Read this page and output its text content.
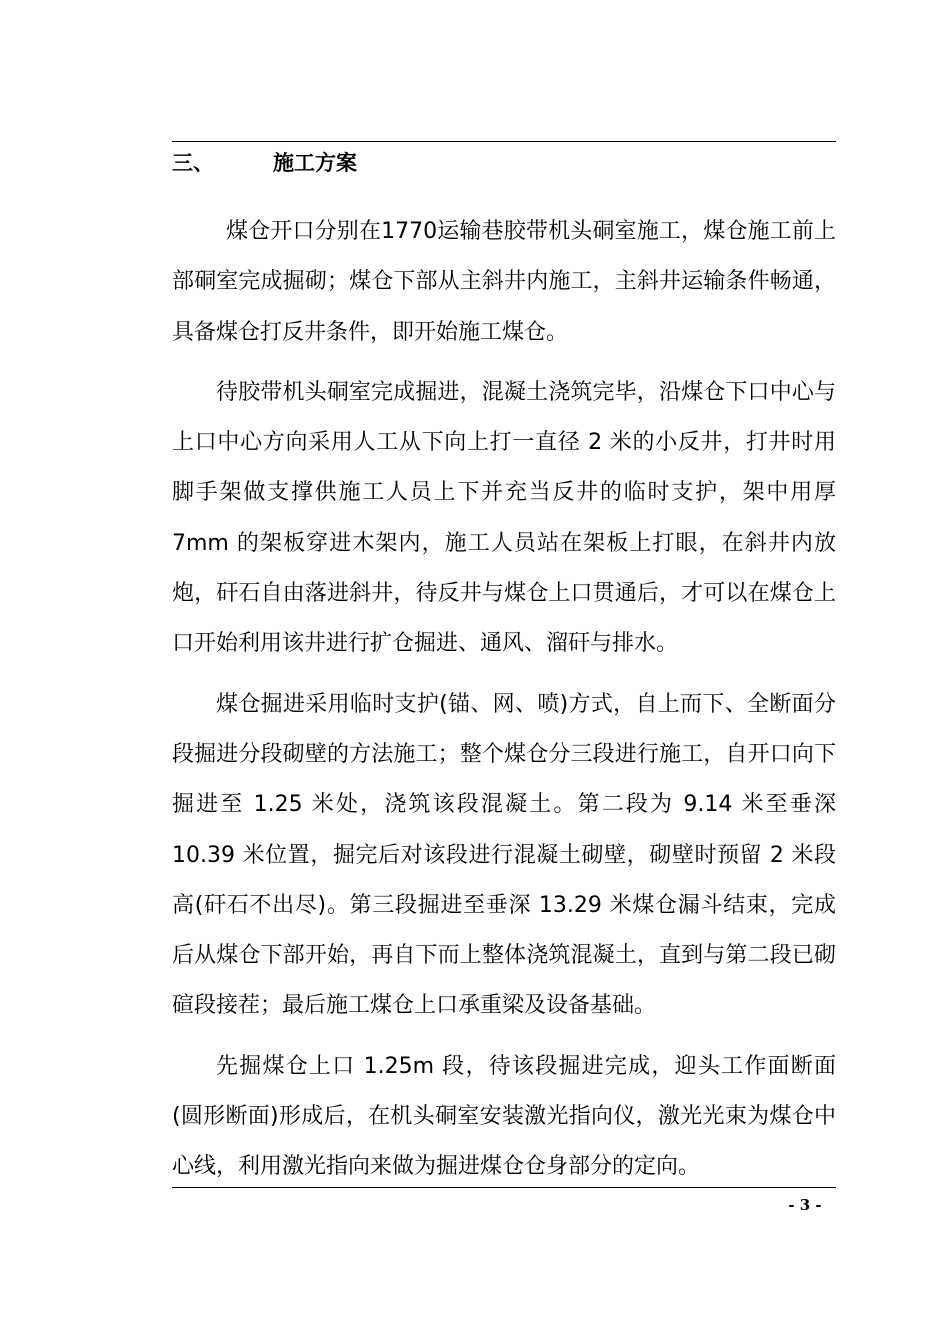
三、	施工方案

煤仓开口分别在1770运输巷胶带机头硐室施工，煤仓施工前上部硐室完成掘砌；煤仓下部从主斜井内施工，主斜井运输条件畅通，具备煤仓打反井条件，即开始施工煤仓。

待胶带机头硐室完成掘进，混凝土浇筑完毕，沿煤仓下口中心与上口中心方向采用人工从下向上打一直径 2 米的小反井，打井时用脚手架做支撑供施工人员上下并充当反井的临时支护，架中用厚 7mm 的架板穿进木架内，施工人员站在架板上打眼，在斜井内放炮，矸石自由落进斜井，待反井与煤仓上口贯通后，才可以在煤仓上口开始利用该井进行扩仓掘进、通风、溜矸与排水。

煤仓掘进采用临时支护(锚、网、喷)方式，自上而下、全断面分段掘进分段砌壁的方法施工；整个煤仓分三段进行施工，自开口向下掘进至 1.25 米处，浇筑该段混凝土。第二段为 9.14 米至垂深 10.39 米位置，掘完后对该段进行混凝土砌壁，砌壁时预留 2 米段高(矸石不出尽)。第三段掘进至垂深 13.29 米煤仓漏斗结束，完成后从煤仓下部开始，再自下而上整体浇筑混凝土，直到与第二段已砌碹段接茬；最后施工煤仓上口承重梁及设备基础。

先掘煤仓上口 1.25m 段，待该段掘进完成，迎头工作面断面(圆形断面)形成后，在机头硐室安装激光指向仪，激光光束为煤仓中心线，利用激光指向来做为掘进煤仓仓身部分的定向。

- 3 -
